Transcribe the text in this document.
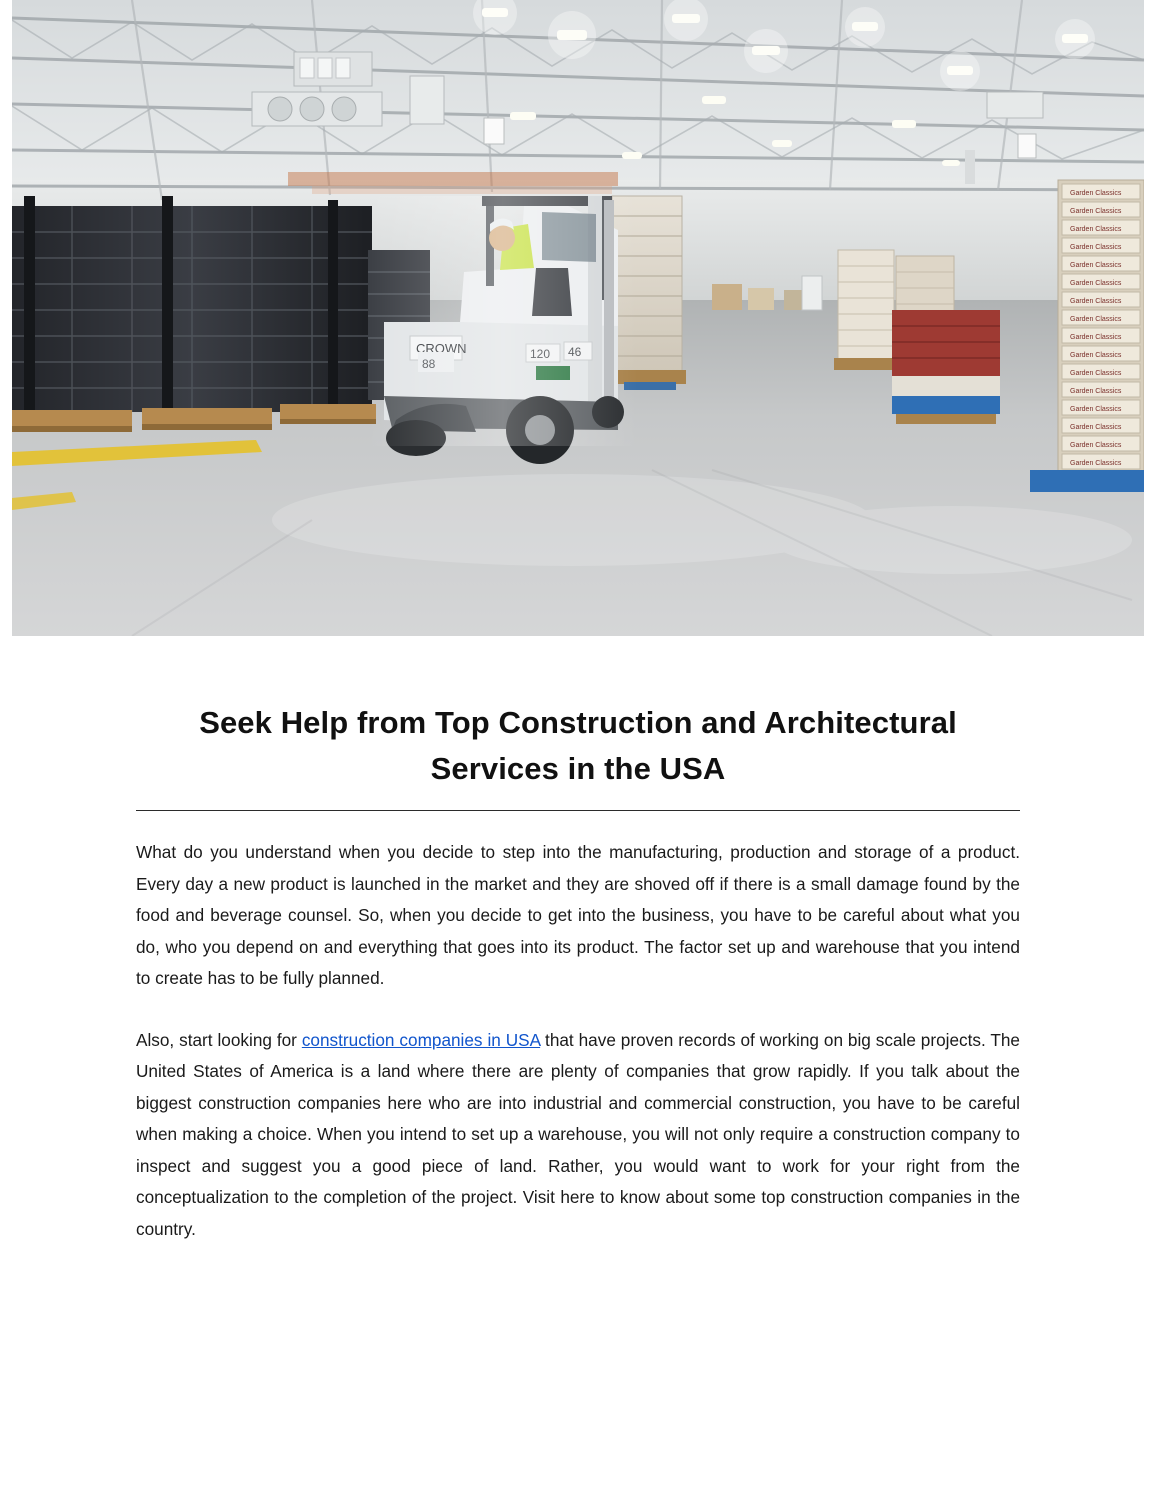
Garden Classics
Garden Classics
Garden Classics
Garden Classics
Garden Classics
Garden Classics
Garden Classics
Garden Classics
Garden Classics
Garden Classics
Garden Classics
Garden Classics
Garden Classics
Garden Classics
Garden Classics
Garden Classics
Seek Help from Top Construction and Architectural Services in the USA

What do you understand when you decide to step into the manufacturing, production and storage of a product. Every day a new product is launched in the market and they are shoved off if there is a small damage found by the food and beverage counsel. So, when you decide to get into the business, you have to be careful about what you do, who you depend on and everything that goes into its product. The factor set up and warehouse that you intend to create has to be fully planned.

Also, start looking for construction companies in USA that have proven records of working on big scale projects. The United States of America is a land where there are plenty of companies that grow rapidly. If you talk about the biggest construction companies here who are into industrial and commercial construction, you have to be careful when making a choice. When you intend to set up a warehouse, you will not only require a construction company to inspect and suggest you a good piece of land. Rather, you would want to work for your right from the conceptualization to the completion of the project. Visit here to know about some top construction companies in the country.
